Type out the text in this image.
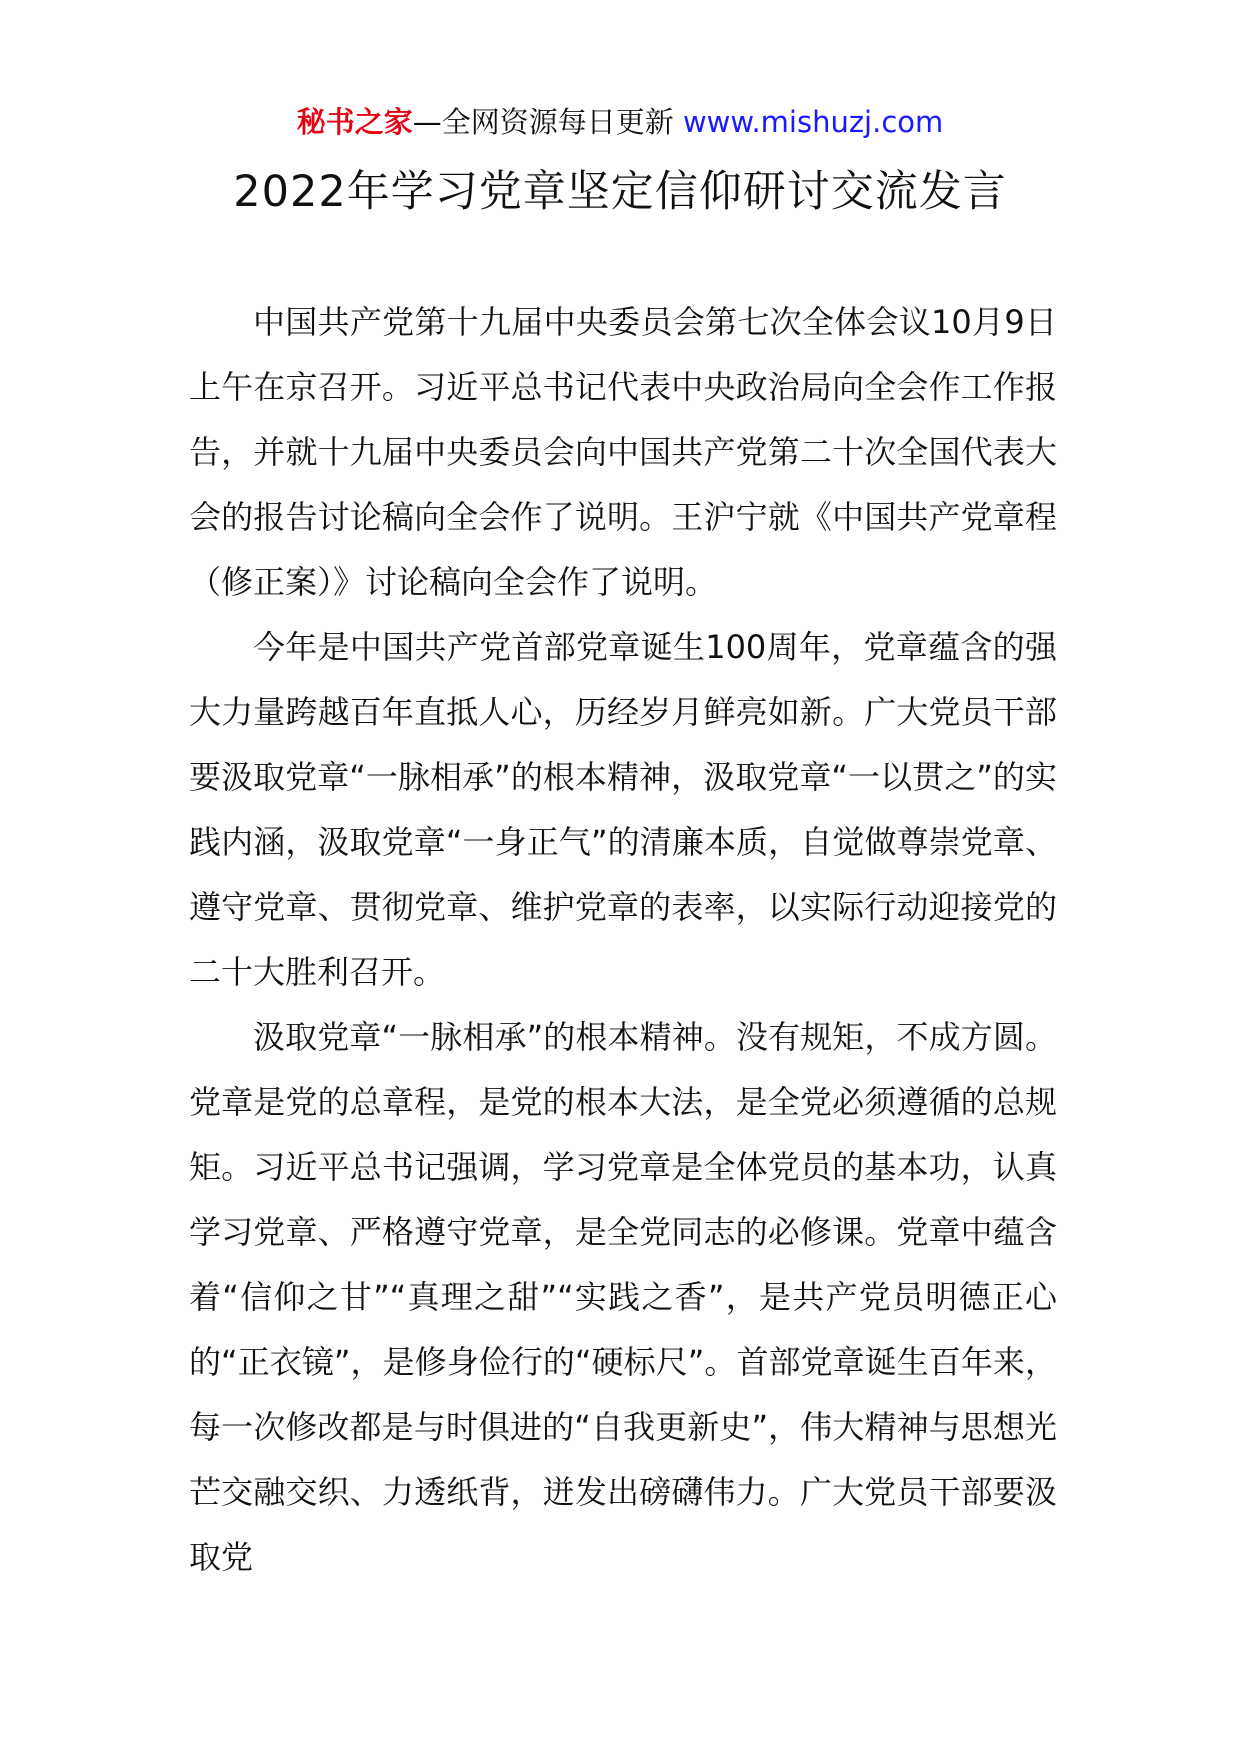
秘书之家—全网资源每日更新 www.mishuzj.com
2022年学习党章坚定信仰研讨交流发言

中国共产党第十九届中央委员会第七次全体会议10月9日上午在京召开。习近平总书记代表中央政治局向全会作工作报告，并就十九届中央委员会向中国共产党第二十次全国代表大会的报告讨论稿向全会作了说明。王沪宁就《中国共产党章程（修正案）》讨论稿向全会作了说明。

今年是中国共产党首部党章诞生100周年，党章蕴含的强大力量跨越百年直抵人心，历经岁月鲜亮如新。广大党员干部要汲取党章“一脉相承”的根本精神，汲取党章“一以贯之”的实践内涵，汲取党章“一身正气”的清廉本质，自觉做尊崇党章、遵守党章、贯彻党章、维护党章的表率，以实际行动迎接党的二十大胜利召开。

汲取党章“一脉相承”的根本精神。没有规矩，不成方圆。党章是党的总章程，是党的根本大法，是全党必须遵循的总规矩。习近平总书记强调，学习党章是全体党员的基本功，认真学习党章、严格遵守党章，是全党同志的必修课。党章中蕴含着“信仰之甘”“真理之甜”“实践之香”，是共产党员明德正心的“正衣镜”，是修身俭行的“硬标尺”。首部党章诞生百年来，每一次修改都是与时俱进的“自我更新史”，伟大精神与思想光芒交融交织、力透纸背，迸发出磅礴伟力。广大党员干部要汲取党
